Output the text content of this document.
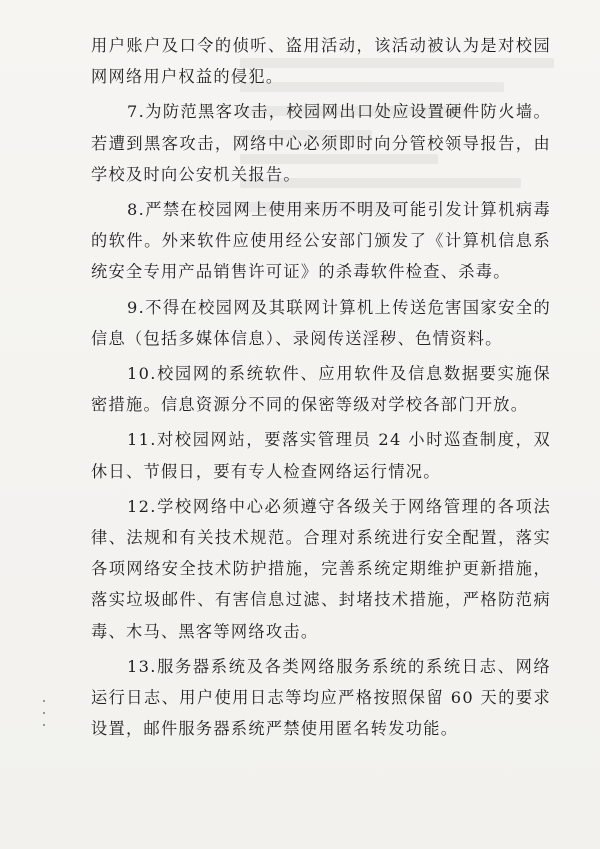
用户账户及口令的侦听、盗用活动，该活动被认为是对校园网网络用户权益的侵犯。

7.为防范黑客攻击，校园网出口处应设置硬件防火墙。若遭到黑客攻击，网络中心必须即时向分管校领导报告，由学校及时向公安机关报告。

8.严禁在校园网上使用来历不明及可能引发计算机病毒的软件。外来软件应使用经公安部门颁发了《计算机信息系统安全专用产品销售许可证》的杀毒软件检查、杀毒。

9.不得在校园网及其联网计算机上传送危害国家安全的信息（包括多媒体信息）、录阅传送淫秽、色情资料。

10.校园网的系统软件、应用软件及信息数据要实施保密措施。信息资源分不同的保密等级对学校各部门开放。

11.对校园网站，要落实管理员 24 小时巡查制度，双休日、节假日，要有专人检查网络运行情况。

12.学校网络中心必须遵守各级关于网络管理的各项法律、法规和有关技术规范。合理对系统进行安全配置，落实各项网络安全技术防护措施，完善系统定期维护更新措施，落实垃圾邮件、有害信息过滤、封堵技术措施，严格防范病毒、木马、黑客等网络攻击。

13.服务器系统及各类网络服务系统的系统日志、网络运行日志、用户使用日志等均应严格按照保留 60 天的要求设置，邮件服务器系统严禁使用匿名转发功能。
